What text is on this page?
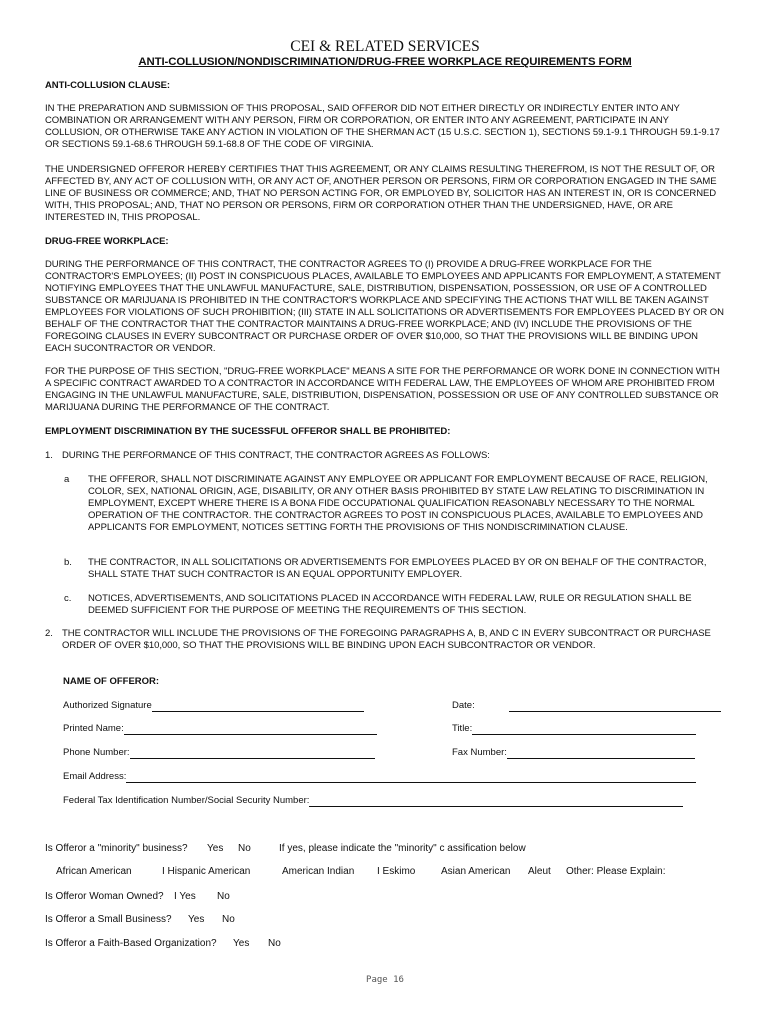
CEI & RELATED SERVICES
ANTI-COLLUSION/NONDISCRIMINATION/DRUG-FREE WORKPLACE REQUIREMENTS FORM
ANTI-COLLUSION CLAUSE:
IN THE PREPARATION AND SUBMISSION OF THIS PROPOSAL, SAID OFFEROR DID NOT EITHER DIRECTLY OR INDIRECTLY ENTER INTO ANY COMBINATION OR ARRANGEMENT WITH ANY PERSON, FIRM OR CORPORATION, OR ENTER INTO ANY AGREEMENT, PARTICIPATE IN ANY COLLUSION, OR OTHERWISE TAKE ANY ACTION IN VIOLATION OF THE SHERMAN ACT (15 U.S.C. SECTION 1), SECTIONS 59.1-9.1 THROUGH 59.1-9.17 OR SECTIONS 59.1-68.6 THROUGH 59.1-68.8 OF THE CODE OF VIRGINIA.
THE UNDERSIGNED OFFEROR HEREBY CERTIFIES THAT THIS AGREEMENT, OR ANY CLAIMS RESULTING THEREFROM, IS NOT THE RESULT OF, OR AFFECTED BY, ANY ACT OF COLLUSION WITH, OR ANY ACT OF, ANOTHER PERSON OR PERSONS, FIRM OR CORPORATION ENGAGED IN THE SAME LINE OF BUSINESS OR COMMERCE; AND, THAT NO PERSON ACTING FOR, OR EMPLOYED BY, SOLICITOR HAS AN INTEREST IN, OR IS CONCERNED WITH, THIS PROPOSAL; AND, THAT NO PERSON OR PERSONS, FIRM OR CORPORATION OTHER THAN THE UNDERSIGNED, HAVE, OR ARE INTERESTED IN, THIS PROPOSAL.
DRUG-FREE WORKPLACE:
DURING THE PERFORMANCE OF THIS CONTRACT, THE CONTRACTOR AGREES TO (I) PROVIDE A DRUG-FREE WORKPLACE FOR THE CONTRACTOR'S EMPLOYEES; (II) POST IN CONSPICUOUS PLACES, AVAILABLE TO EMPLOYEES AND APPLICANTS FOR EMPLOYMENT, A STATEMENT NOTIFYING EMPLOYEES THAT THE UNLAWFUL MANUFACTURE, SALE, DISTRIBUTION, DISPENSATION, POSSESSION, OR USE OF A CONTROLLED SUBSTANCE OR MARIJUANA IS PROHIBITED IN THE CONTRACTOR'S WORKPLACE AND SPECIFYING THE ACTIONS THAT WILL BE TAKEN AGAINST EMPLOYEES FOR VIOLATIONS OF SUCH PROHIBITION; (III) STATE IN ALL SOLICITATIONS OR ADVERTISEMENTS FOR EMPLOYEES PLACED BY OR ON BEHALF OF THE CONTRACTOR THAT THE CONTRACTOR MAINTAINS A DRUG-FREE WORKPLACE; AND (IV) INCLUDE THE PROVISIONS OF THE FOREGOING CLAUSES IN EVERY SUBCONTRACT OR PURCHASE ORDER OF OVER $10,000, SO THAT THE PROVISIONS WILL BE BINDING UPON EACH SUCONTRACTOR OR VENDOR.
FOR THE PURPOSE OF THIS SECTION, "DRUG-FREE WORKPLACE" MEANS A SITE FOR THE PERFORMANCE OR WORK DONE IN CONNECTION WITH A SPECIFIC CONTRACT AWARDED TO A CONTRACTOR IN ACCORDANCE WITH FEDERAL LAW, THE EMPLOYEES OF WHOM ARE PROHIBITED FROM ENGAGING IN THE UNLAWFUL MANUFACTURE, SALE, DISTRIBUTION, DISPENSATION, POSSESSION OR USE OF ANY CONTROLLED SUBSTANCE OR MARIJUANA DURING THE PERFORMANCE OF THE CONTRACT.
EMPLOYMENT DISCRIMINATION BY THE SUCESSFUL OFFEROR SHALL BE PROHIBITED:
1. DURING THE PERFORMANCE OF THIS CONTRACT, THE CONTRACTOR AGREES AS FOLLOWS:
a THE OFFEROR, SHALL NOT DISCRIMINATE AGAINST ANY EMPLOYEE OR APPLICANT FOR EMPLOYMENT BECAUSE OF RACE, RELIGION, COLOR, SEX, NATIONAL ORIGIN, AGE, DISABILITY, OR ANY OTHER BASIS PROHIBITED BY STATE LAW RELATING TO DISCRIMINATION IN EMPLOYMENT, EXCEPT WHERE THERE IS A BONA FIDE OCCUPATIONAL QUALIFICATION REASONABLY NECESSARY TO THE NORMAL OPERATION OF THE CONTRACTOR. THE CONTRACTOR AGREES TO POST IN CONSPICUOUS PLACES, AVAILABLE TO EMPLOYEES AND APPLICANTS FOR EMPLOYMENT, NOTICES SETTING FORTH THE PROVISIONS OF THIS NONDISCRIMINATION CLAUSE.
b. THE CONTRACTOR, IN ALL SOLICITATIONS OR ADVERTISEMENTS FOR EMPLOYEES PLACED BY OR ON BEHALF OF THE CONTRACTOR, SHALL STATE THAT SUCH CONTRACTOR IS AN EQUAL OPPORTUNITY EMPLOYER.
c. NOTICES, ADVERTISEMENTS, AND SOLICITATIONS PLACED IN ACCORDANCE WITH FEDERAL LAW, RULE OR REGULATION SHALL BE DEEMED SUFFICIENT FOR THE PURPOSE OF MEETING THE REQUIREMENTS OF THIS SECTION.
2. THE CONTRACTOR WILL INCLUDE THE PROVISIONS OF THE FOREGOING PARAGRAPHS A, B, AND C IN EVERY SUBCONTRACT OR PURCHASE ORDER OF OVER $10,000, SO THAT THE PROVISIONS WILL BE BINDING UPON EACH SUBCONTRACTOR OR VENDOR.
NAME OF OFFEROR:
Authorized Signature	Date:
Printed Name:	Title:
Phone Number:	Fax Number:
Email Address:
Federal Tax Identification Number/Social Security Number:
Is Offeror a "minority" business? Yes No	If yes, please indicate the "minority" c assification below
African American	I Hispanic American	American Indian I Eskimo	Asian American Aleut Other: Please Explain:
Is Offeror Woman Owned? I Yes No
Is Offeror a Small Business? Yes No
Is Offeror a Faith-Based Organization? Yes No
Page 16
